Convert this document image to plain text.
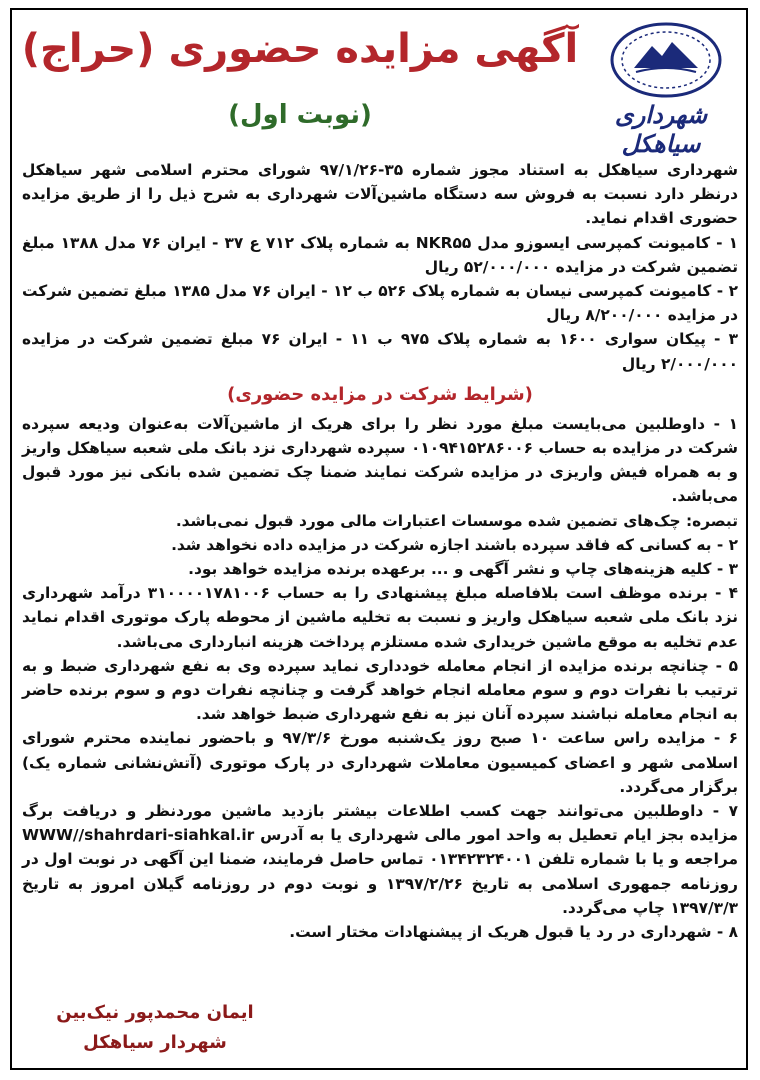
آگهی مزایده حضوری (حراج)
(نوبت اول)	شهرداری سیاهکل

شهرداری سیاهکل به استناد مجوز شماره ۳۵-۹۷/۱/۲۶ شورای محترم اسلامی شهر سیاهکل درنظر دارد نسبت به فروش سه دستگاه ماشین‌آلات شهرداری به شرح ذیل را از طریق مزایده حضوری اقدام نماید.

۱ - کامیونت کمپرسی ایسوزو مدل NKR۵۵ به شماره پلاک ۷۱۲ ع ۳۷ - ایران ۷۶ مدل ۱۳۸۸ مبلغ تضمین شرکت در مزایده ۵۲/۰۰۰/۰۰۰ ریال

۲ - کامیونت کمپرسی نیسان به شماره پلاک ۵۲۶ ب ۱۲ - ایران ۷۶ مدل ۱۳۸۵ مبلغ تضمین شرکت در مزایده ۸/۲۰۰/۰۰۰ ریال

۳ - پیکان سواری ۱۶۰۰ به شماره پلاک ۹۷۵ ب ۱۱ - ایران ۷۶ مبلغ تضمین شرکت در مزایده ۲/۰۰۰/۰۰۰ ریال

(شرایط شرکت در مزایده حضوری)

۱ - داوطلبین می‌بایست مبلغ مورد نظر را برای هریک از ماشین‌آلات به‌عنوان ودیعه سپرده شرکت در مزایده به حساب ۰۱۰۹۴۱۵۲۸۶۰۰۶ سپرده شهرداری نزد بانک ملی شعبه سیاهکل واریز و به همراه فیش واریزی در مزایده شرکت نمایند ضمنا چک تضمین شده بانکی نیز مورد قبول می‌باشد.

تبصره: چک‌های تضمین شده موسسات اعتبارات مالی مورد قبول نمی‌باشد.

۲ - به کسانی که فاقد سپرده باشند اجازه شرکت در مزایده داده نخواهد شد.

۳ - کلیه هزینه‌های چاپ و نشر آگهی و ... برعهده برنده مزایده خواهد بود.

۴ - برنده موظف است بلافاصله مبلغ پیشنهادی را به حساب ۳۱۰۰۰۰۱۷۸۱۰۰۶ درآمد شهرداری نزد بانک ملی شعبه سیاهکل واریز و نسبت به تخلیه ماشین از محوطه پارک موتوری اقدام نماید عدم تخلیه به موقع ماشین خریداری شده مستلزم پرداخت هزینه انبارداری می‌باشد.

۵ - چنانچه برنده مزایده از انجام معامله خودداری نماید سپرده وی به نفع شهرداری ضبط و به ترتیب با نفرات دوم و سوم معامله انجام خواهد گرفت و چنانچه نفرات دوم و سوم برنده حاضر به انجام معامله نباشند سپرده آنان نیز به نفع شهرداری ضبط خواهد شد.

۶ - مزایده راس ساعت ۱۰ صبح روز یک‌شنبه مورخ ۹۷/۳/۶ و باحضور نماینده محترم شورای اسلامی شهر و اعضای کمیسیون معاملات شهرداری در پارک موتوری (آتش‌نشانی شماره یک) برگزار می‌گردد.

۷ - داوطلبین می‌توانند جهت کسب اطلاعات بیشتر بازدید ماشین موردنظر و دریافت برگ مزایده بجز ایام تعطیل به واحد امور مالی شهرداری یا به آدرس WWW//shahrdari-siahkal.ir مراجعه و یا با شماره تلفن ۰۱۳۴۲۳۲۴۰۰۱ تماس حاصل فرمایند، ضمنا این آگهی در نوبت اول در روزنامه جمهوری اسلامی به تاریخ ۱۳۹۷/۲/۲۶ و نوبت دوم در روزنامه گیلان امروز به تاریخ ۱۳۹۷/۳/۳ چاپ می‌گردد.

۸ - شهرداری در رد یا قبول هریک از پیشنهادات مختار است.

ایمان محمدپور نیک‌بین
شهردار سیاهکل
